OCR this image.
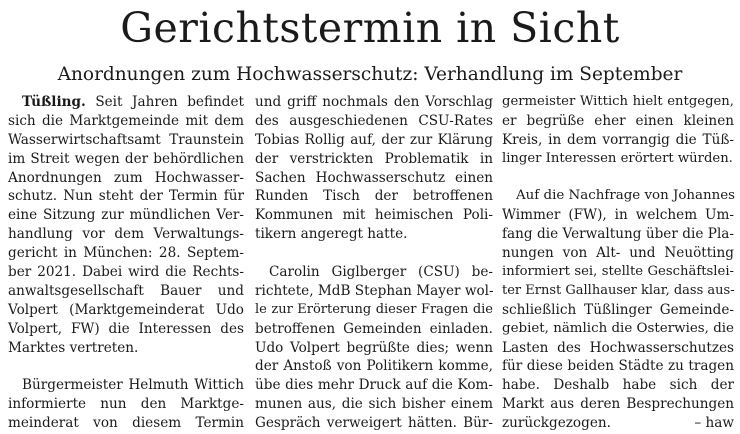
Gerichtstermin in Sicht
Anordnungen zum Hochwasserschutz: Verhandlung im September
Tüßling. Seit Jahren befindet
sich die Marktgemeinde mit dem
Wasserwirtschaftsamt Traunstein
im Streit wegen der behördlichen
Anordnungen zum Hochwasser-
schutz. Nun steht der Termin für
eine Sitzung zur mündlichen Ver-
handlung vor dem Verwaltungs-
gericht in München: 28. Septem-
ber 2021. Dabei wird die Rechts-
anwaltsgesellschaft Bauer und
Volpert (Marktgemeinderat Udo
Volpert, FW) die Interessen des
Marktes vertreten.
Bürgermeister Helmuth Wittich
informierte nun den Marktge-
meinderat von diesem Termin
und griff nochmals den Vorschlag
des ausgeschiedenen CSU-Rates
Tobias Rollig auf, der zur Klärung
der verstrickten Problematik in
Sachen Hochwasserschutz einen
Runden Tisch der betroffenen
Kommunen mit heimischen Poli-
tikern angeregt hatte.
Carolin Giglberger (CSU) be-
richtete, MdB Stephan Mayer wol-
le zur Erörterung dieser Fragen die
betroffenen Gemeinden einladen.
Udo Volpert begrüßte dies; wenn
der Anstoß von Politikern komme,
übe dies mehr Druck auf die Kom-
munen aus, die sich bisher einem
Gespräch verweigert hätten. Bür-
germeister Wittich hielt entgegen,
er begrüße eher einen kleinen
Kreis, in dem vorrangig die Tüß-
linger Interessen erörtert würden.
Auf die Nachfrage von Johannes
Wimmer (FW), in welchem Um-
fang die Verwaltung über die Pla-
nungen von Alt- und Neuötting
informiert sei, stellte Geschäftslei-
ter Ernst Gallhauser klar, dass aus-
schließlich Tüßlinger Gemeinde-
gebiet, nämlich die Osterwies, die
Lasten des Hochwasserschutzes
für diese beiden Städte zu tragen
habe. Deshalb habe sich der
Markt aus deren Besprechungen
zurückgezogen.	– haw
